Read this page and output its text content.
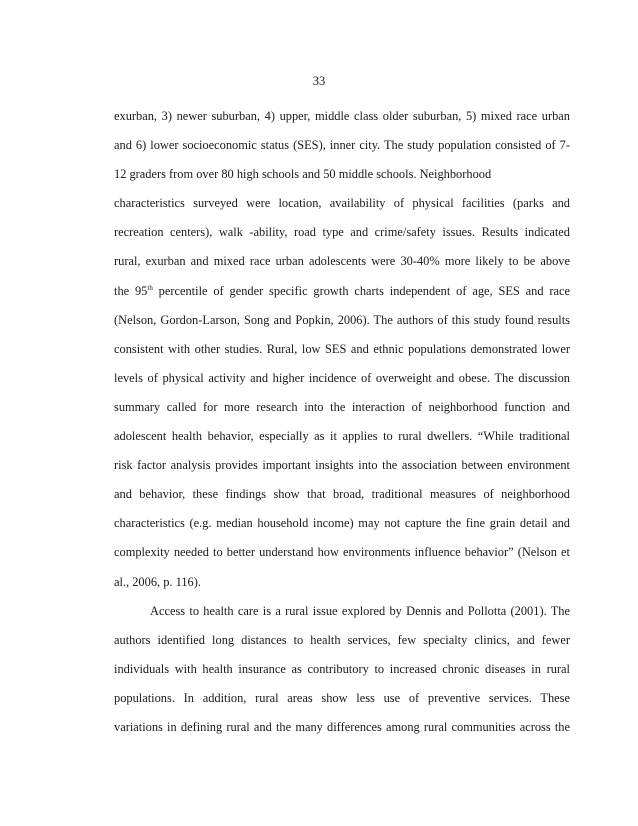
33
exurban, 3) newer suburban, 4) upper, middle class older suburban, 5) mixed race urban
and 6) lower socioeconomic status (SES), inner city. The study population consisted of 7-
12 graders from over 80 high schools and 50 middle schools. Neighborhood
characteristics surveyed were location, availability of physical facilities (parks and
recreation centers), walk -ability, road type and crime/safety issues. Results indicated
rural, exurban and mixed race urban adolescents were 30-40% more likely to be above
the 95th percentile of gender specific growth charts independent of age, SES and race
(Nelson, Gordon-Larson, Song and Popkin, 2006). The authors of this study found results
consistent with other studies. Rural, low SES and ethnic populations demonstrated lower
levels of physical activity and higher incidence of overweight and obese. The discussion
summary called for more research into the interaction of neighborhood function and
adolescent health behavior, especially as it applies to rural dwellers. “While traditional
risk factor analysis provides important insights into the association between environment
and behavior, these findings show that broad, traditional measures of neighborhood
characteristics (e.g. median household income) may not capture the fine grain detail and
complexity needed to better understand how environments influence behavior” (Nelson et
al., 2006, p. 116).
Access to health care is a rural issue explored by Dennis and Pollotta (2001). The
authors identified long distances to health services, few specialty clinics, and fewer
individuals with health insurance as contributory to increased chronic diseases in rural
populations. In addition, rural areas show less use of preventive services. These
variations in defining rural and the many differences among rural communities across the
